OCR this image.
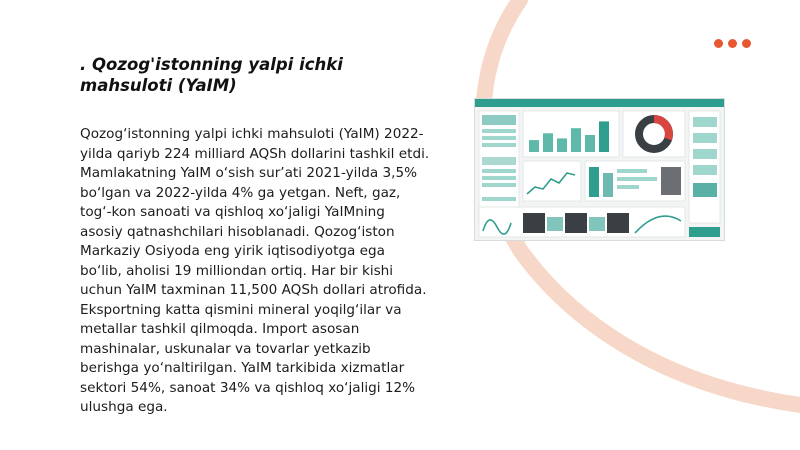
. Qozog'istonning yalpi ichki mahsuloti (YaIM)

Qozog‘istonning yalpi ichki mahsuloti (YaIM) 2022-yilda qariyb 224 milliard AQSh dollarini tashkil etdi. Mamlakatning YaIM o‘sish sur’ati 2021-yilda 3,5% bo‘lgan va 2022-yilda 4% ga yetgan. Neft, gaz, tog‘-kon sanoati va qishloq xo‘jaligi YaIMning asosiy qatnashchilari hisoblanadi. Qozog‘iston Markaziy Osiyoda eng yirik iqtisodiyotga ega bo‘lib, aholisi 19 milliondan ortiq. Har bir kishi uchun YaIM taxminan 11,500 AQSh dollari atrofida. Eksportning katta qismini mineral yoqilg‘ilar va metallar tashkil qilmoqda. Import asosan mashinalar, uskunalar va tovarlar yetkazib berishga yo‘naltirilgan. YaIM tarkibida xizmatlar sektori 54%, sanoat 34% va qishloq xo‘jaligi 12% ulushga ega.
